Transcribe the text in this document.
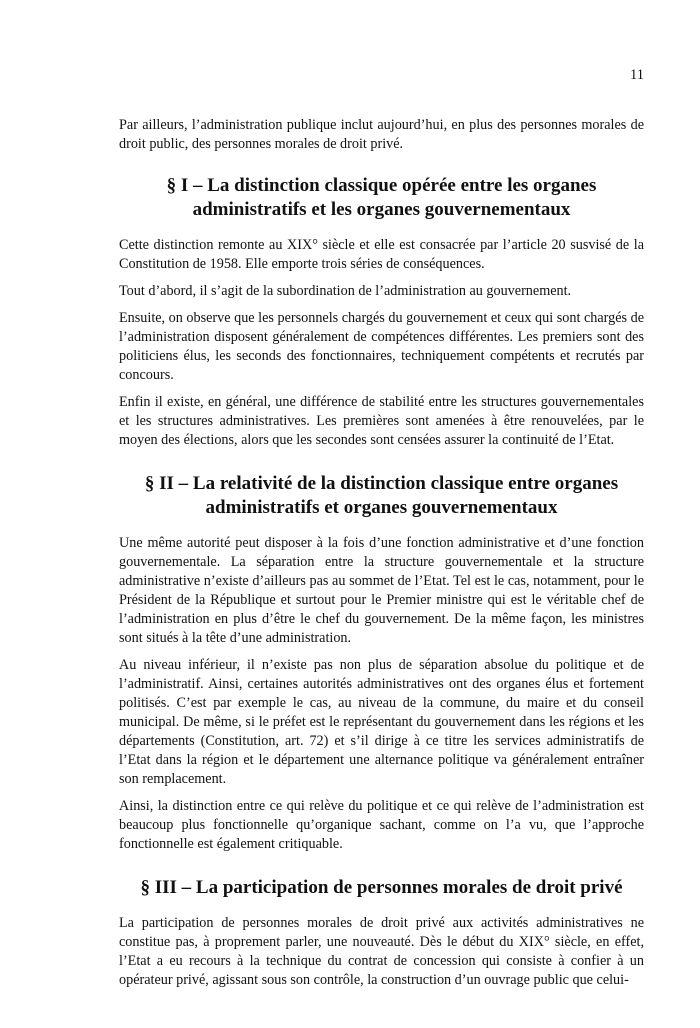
11

Par ailleurs, l’administration publique inclut aujourd’hui, en plus des personnes morales de droit public, des personnes morales de droit privé.

§ I – La distinction classique opérée entre les organes
administratifs et les organes gouvernementaux

Cette distinction remonte au XIX° siècle et elle est consacrée par l’article 20 susvisé de la Constitution de 1958. Elle emporte trois séries de conséquences.

Tout d’abord, il s’agit de la subordination de l’administration au gouvernement.

Ensuite, on observe que les personnels chargés du gouvernement et ceux qui sont chargés de l’administration disposent généralement de compétences différentes. Les premiers sont des politiciens élus, les seconds des fonctionnaires, techniquement compétents et recrutés par concours.

Enfin il existe, en général, une différence de stabilité entre les structures gouvernementales et les structures administratives. Les premières sont amenées à être renouvelées, par le moyen des élections, alors que les secondes sont censées assurer la continuité de l’Etat.

§ II – La relativité de la distinction classique entre organes
administratifs et organes gouvernementaux

Une même autorité peut disposer à la fois d’une fonction administrative et d’une fonction gouvernementale. La séparation entre la structure gouvernementale et la structure administrative n’existe d’ailleurs pas au sommet de l’Etat. Tel est le cas, notamment, pour le Président de la République et surtout pour le Premier ministre qui est le véritable chef de l’administration en plus d’être le chef du gouvernement. De la même façon, les ministres sont situés à la tête d’une administration.

Au niveau inférieur, il n’existe pas non plus de séparation absolue du politique et de l’administratif. Ainsi, certaines autorités administratives ont des organes élus et fortement politisés. C’est par exemple le cas, au niveau de la commune, du maire et du conseil municipal. De même, si le préfet est le représentant du gouvernement dans les régions et les départements (Constitution, art. 72) et s’il dirige à ce titre les services administratifs de l’Etat dans la région et le département une alternance politique va généralement entraîner son remplacement.

Ainsi, la distinction entre ce qui relève du politique et ce qui relève de l’administration est beaucoup plus fonctionnelle qu’organique sachant, comme on l’a vu, que l’approche fonctionnelle est également critiquable.

§ III – La participation de personnes morales de droit privé

La participation de personnes morales de droit privé aux activités administratives ne constitue pas, à proprement parler, une nouveauté. Dès le début du XIX° siècle, en effet, l’Etat a eu recours à la technique du contrat de concession qui consiste à confier à un opérateur privé, agissant sous son contrôle, la construction d’un ouvrage public que celui-
